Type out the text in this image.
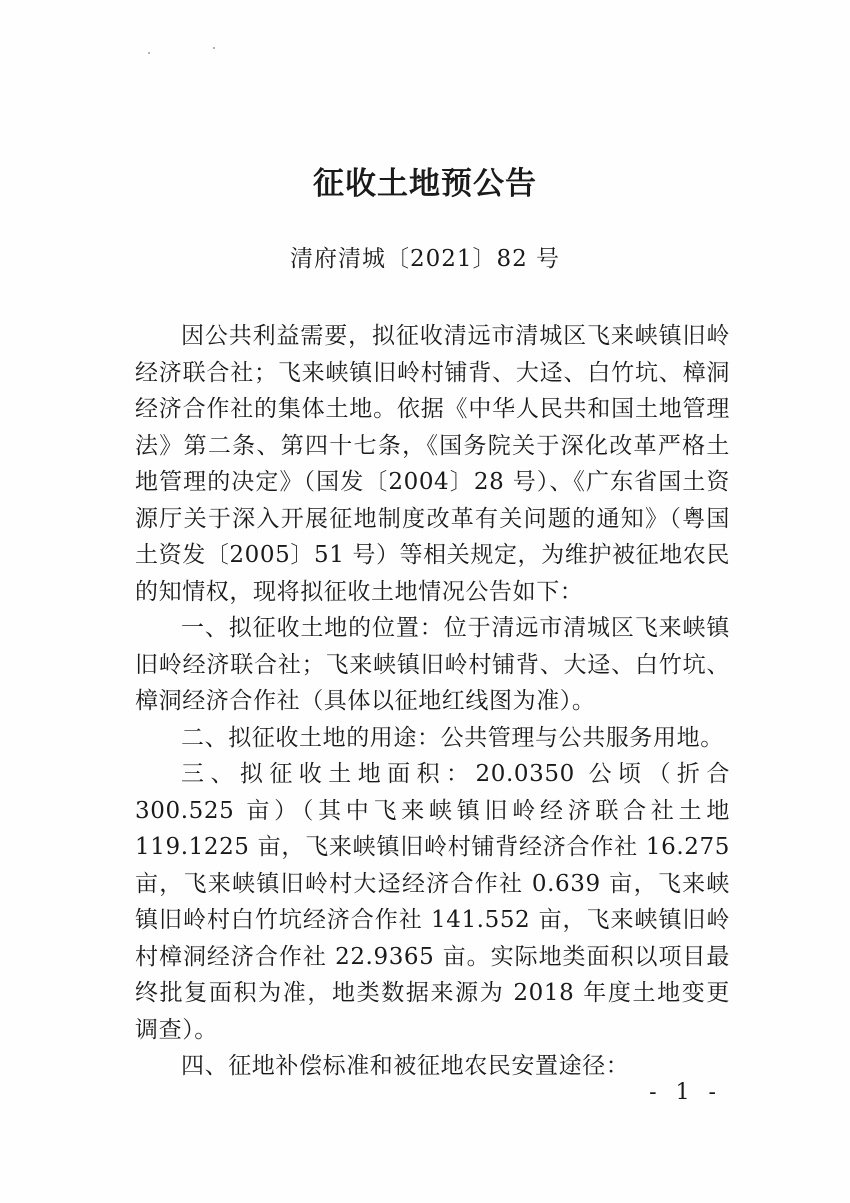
征收土地预公告
清府清城〔2021〕82 号

因公共利益需要，拟征收清远市清城区飞来峡镇旧岭经济联合社；飞来峡镇旧岭村铺背、大迳、白竹坑、樟洞经济合作社的集体土地。依据《中华人民共和国土地管理法》第二条、第四十七条，《国务院关于深化改革严格土地管理的决定》（国发〔2004〕28 号）、《广东省国土资源厅关于深入开展征地制度改革有关问题的通知》（粤国土资发〔2005〕51 号）等相关规定，为维护被征地农民的知情权，现将拟征收土地情况公告如下：

一、拟征收土地的位置：位于清远市清城区飞来峡镇旧岭经济联合社；飞来峡镇旧岭村铺背、大迳、白竹坑、樟洞经济合作社（具体以征地红线图为准）。

二、拟征收土地的用途：公共管理与公共服务用地。

三、拟征收土地面积：20.0350 公顷（折合 300.525 亩）（其中飞来峡镇旧岭经济联合社土地 119.1225 亩，飞来峡镇旧岭村铺背经济合作社 16.275 亩，飞来峡镇旧岭村大迳经济合作社 0.639 亩，飞来峡镇旧岭村白竹坑经济合作社 141.552 亩，飞来峡镇旧岭村樟洞经济合作社 22.9365 亩。实际地类面积以项目最终批复面积为准，地类数据来源为 2018 年度土地变更调查）。

四、征地补偿标准和被征地农民安置途径：

- 1 -
